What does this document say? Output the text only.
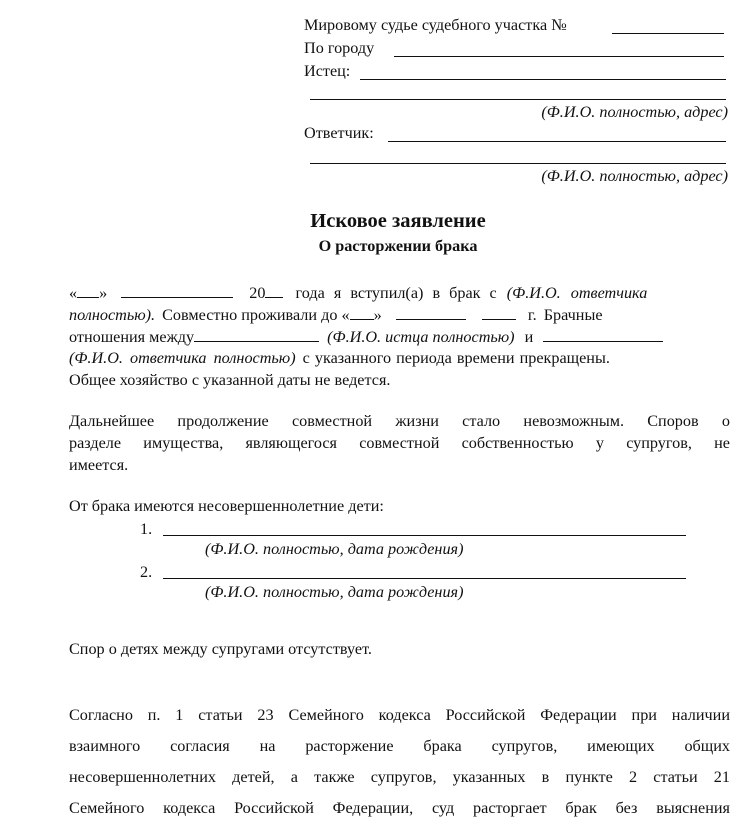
Мировому судье судебного участка №
По городу
Истец:
(Ф.И.О. полностью, адрес)
Ответчик:
(Ф.И.О. полностью, адрес)
Исковое заявление
О расторжении брака
« »	20 года я вступил(а) в брак с (Ф.И.О. ответчика
полностью). Совместно проживали до « »	г. Брачные
отношения между	(Ф.И.О. истца полностью) и
(Ф.И.О. ответчика полностью) с указанного периода времени прекращены.
Общее хозяйство с указанной даты не ведется.
Дальнейшее продолжение совместной жизни стало невозможным. Споров о
разделе имущества, являющегося совместной собственностью у супругов, не
имеется.
От брака имеются несовершеннолетние дети:
1.
(Ф.И.О. полностью, дата рождения)
2.
(Ф.И.О. полностью, дата рождения)
Спор о детях между супругами отсутствует.
Согласно п. 1 статьи 23 Семейного кодекса Российской Федерации при наличии
взаимного согласия на расторжение брака супругов, имеющих общих
несовершеннолетних детей, а также супругов, указанных в пункте 2 статьи 21
Семейного кодекса Российской Федерации, суд расторгает брак без выяснения
